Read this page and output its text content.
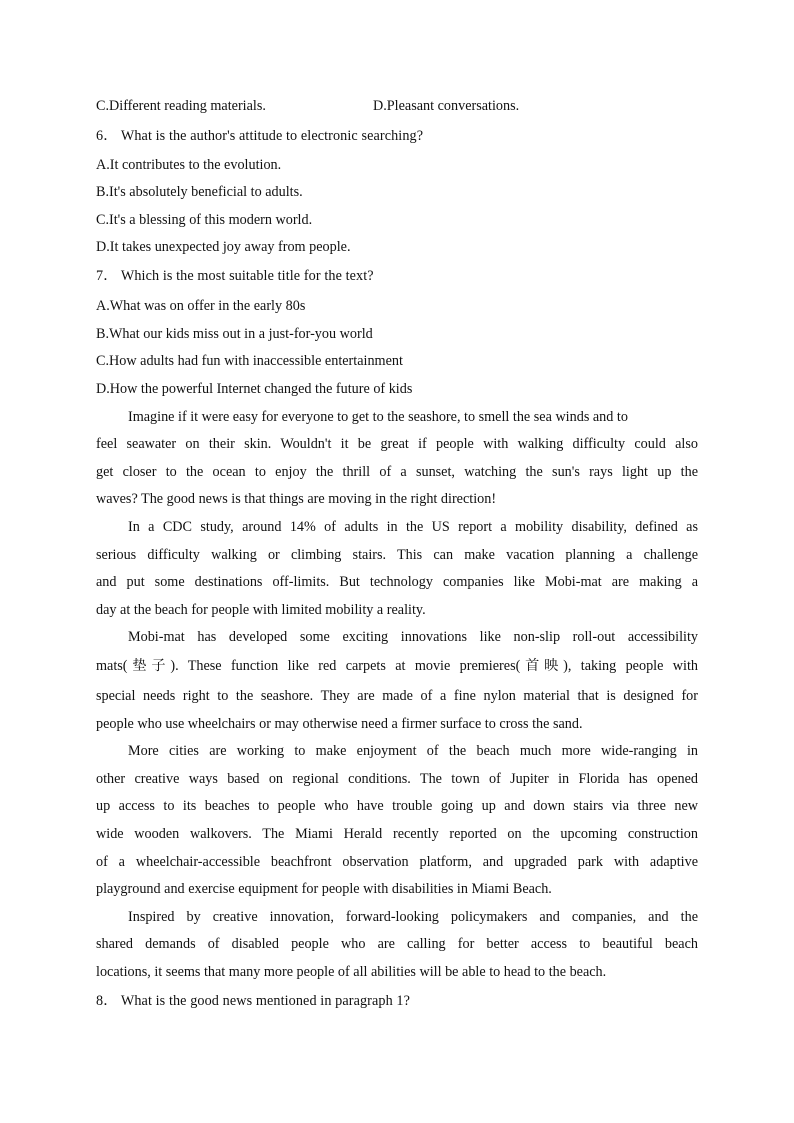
C.Different reading materials.	D.Pleasant conversations.
6． What is the author's attitude to electronic searching?
A.It contributes to the evolution.
B.It's absolutely beneficial to adults.
C.It's a blessing of this modern world.
D.It takes unexpected joy away from people.
7． Which is the most suitable title for the text?
A.What was on offer in the early 80s
B.What our kids miss out in a just-for-you world
C.How adults had fun with inaccessible entertainment
D.How the powerful Internet changed the future of kids
Imagine if it were easy for everyone to get to the seashore, to smell the sea winds and to
feel seawater on their skin. Wouldn't it be great if people with walking difficulty could also
get closer to the ocean to enjoy the thrill of a sunset, watching the sun's rays light up the
waves? The good news is that things are moving in the right direction!
In a CDC study, around 14% of adults in the US report a mobility disability, defined as
serious difficulty walking or climbing stairs. This can make vacation planning a challenge
and put some destinations off-limits. But technology companies like Mobi-mat are making a
day at the beach for people with limited mobility a reality.
Mobi-mat has developed some exciting innovations like non-slip roll-out accessibility
mats(垫子). These function like red carpets at movie premieres(首映), taking people with
special needs right to the seashore. They are made of a fine nylon material that is designed for
people who use wheelchairs or may otherwise need a firmer surface to cross the sand.
More cities are working to make enjoyment of the beach much more wide-ranging in
other creative ways based on regional conditions. The town of Jupiter in Florida has opened
up access to its beaches to people who have trouble going up and down stairs via three new
wide wooden walkovers. The Miami Herald recently reported on the upcoming construction
of a wheelchair-accessible beachfront observation platform, and upgraded park with adaptive
playground and exercise equipment for people with disabilities in Miami Beach.
Inspired by creative innovation, forward-looking policymakers and companies, and the
shared demands of disabled people who are calling for better access to beautiful beach
locations, it seems that many more people of all abilities will be able to head to the beach.
8． What is the good news mentioned in paragraph 1?
